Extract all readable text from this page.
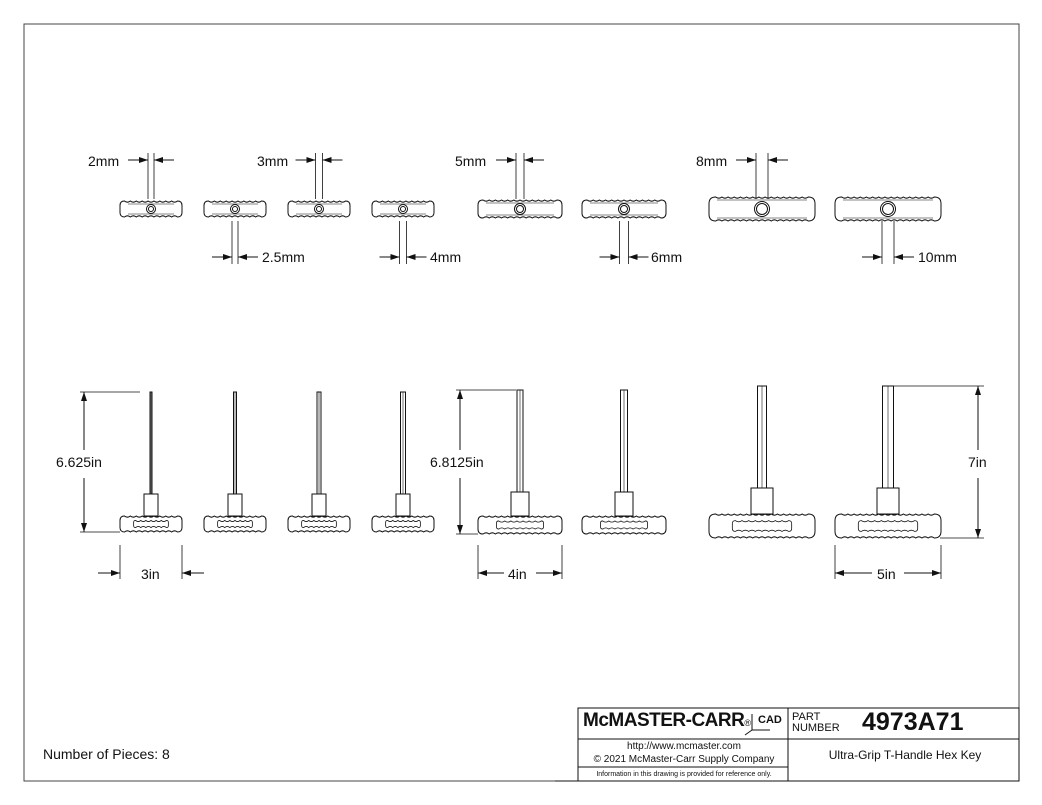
2mm	3mm	5mm	8mm
2.5mm	4mm	6mm	10mm
6.625in	6.8125in	7in
3in	4in	5in
Number of Pieces: 8
McMASTER-CARR® CAD PART
NUMBER 4973A71
http://www.mcmaster.com
© 2021 McMaster-Carr Supply Company
Information in this drawing is provided for reference only.
Ultra-Grip T-Handle Hex Key
